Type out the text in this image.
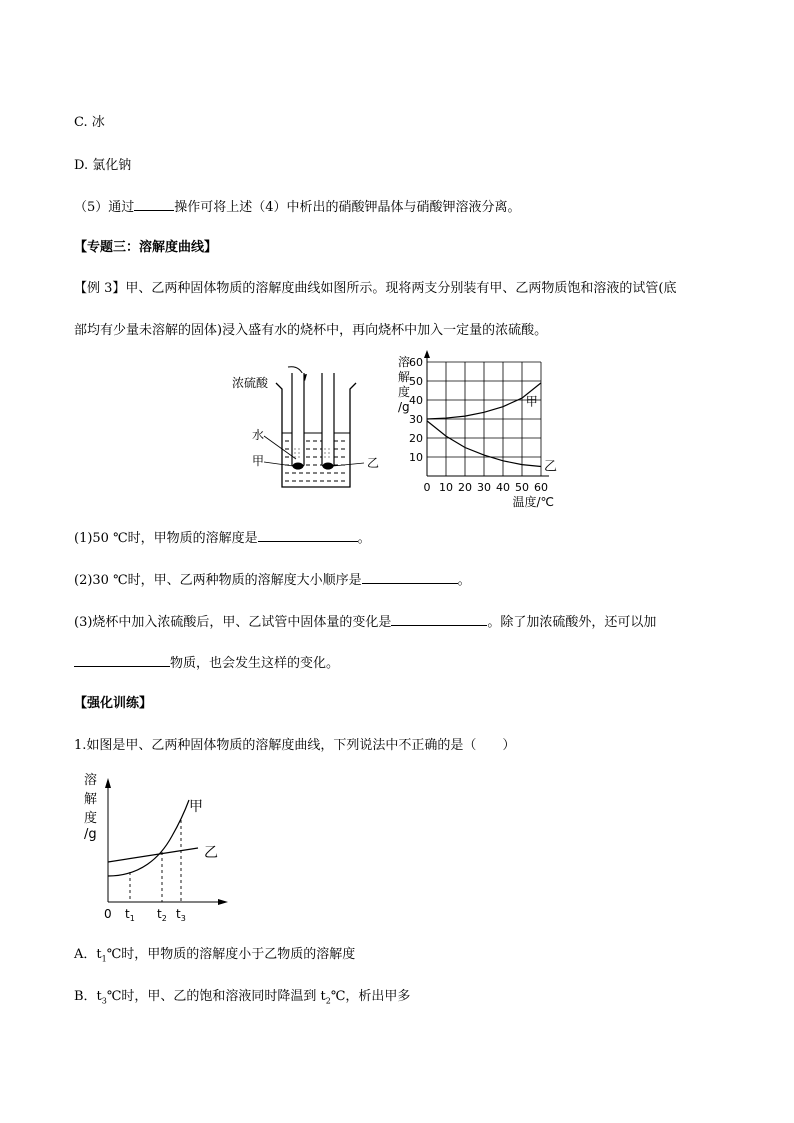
C. 冰
D. 氯化钠
（5）通过	操作可将上述（4）中析出的硝酸钾晶体与硝酸钾溶液分离。
【专题三：溶解度曲线】
【例 3】甲、乙两种固体物质的溶解度曲线如图所示。现将两支分别装有甲、乙两物质饱和溶液的试管(底
部均有少量未溶解的固体)浸入盛有水的烧杯中，再向烧杯中加入一定量的浓硫酸。
浓硫酸
水
甲	乙
0 10 20 30 40 50 60
10
20
30
40
50
60
溶
解
度
/g
温度/℃
甲
乙
(1)50 ℃时，甲物质的溶解度是	。
(2)30 ℃时，甲、乙两种物质的溶解度大小顺序是	。
(3)烧杯中加入浓硫酸后，甲、乙试管中固体量的变化是	。除了加浓硫酸外，还可以加
物质，也会发生这样的变化。
【强化训练】
1.如图是甲、乙两种固体物质的溶解度曲线，下列说法中不正确的是（　　）
溶
解
度
/g
0 $t_1$ $t_2$ $t_3$
甲
乙
A．$t_1℃$时，甲物质的溶解度小于乙物质的溶解度
B．$t_3℃$时，甲、乙的饱和溶液同时降温到 $t_2℃$，析出甲多
